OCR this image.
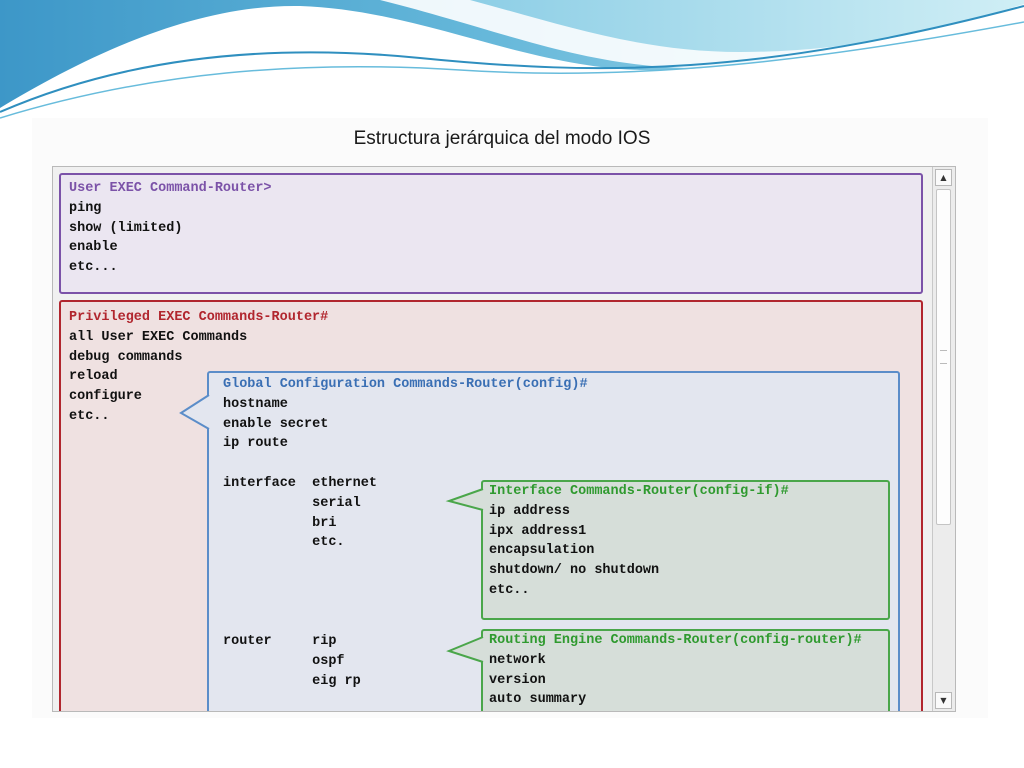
Estructura jerárquica del modo IOS
User EXEC Command-Router>
ping
show (limited)
enable
etc...
Privileged EXEC Commands-Router#
all User EXEC Commands
debug commands
reload
configure
etc..
Global Configuration Commands-Router(config)#
hostname
enable secret
ip route
interface  ethernet
serial
bri
etc.
router     rip
ospf
eig rp
Interface Commands-Router(config-if)#
ip address
ipx address1
encapsulation
shutdown/ no shutdown
etc..
Routing Engine Commands-Router(config-router)#
network
version
auto summary
▲
▼
